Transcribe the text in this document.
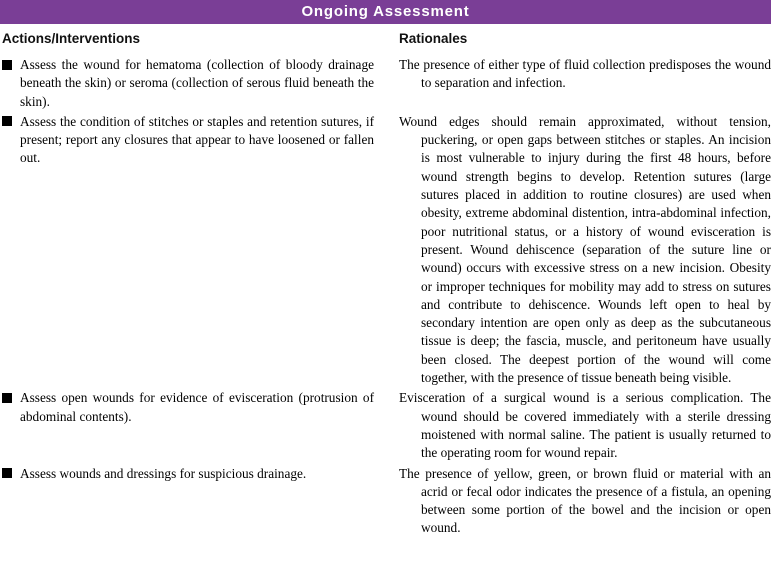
Ongoing Assessment
Actions/Interventions	Rationales
Assess the wound for hematoma (collection of bloody drainage beneath the skin) or seroma (collection of serous fluid beneath the skin).
The presence of either type of fluid collection predisposes the wound to separation and infection.
Assess the condition of stitches or staples and retention sutures, if present; report any closures that appear to have loosened or fallen out.
Wound edges should remain approximated, without tension, puckering, or open gaps between stitches or staples. An incision is most vulnerable to injury during the first 48 hours, before wound strength begins to develop. Retention sutures (large sutures placed in addition to routine closures) are used when obesity, extreme abdominal distention, intra-abdominal infection, poor nutritional status, or a history of wound evisceration is present. Wound dehiscence (separation of the suture line or wound) occurs with excessive stress on a new incision. Obesity or improper techniques for mobility may add to stress on sutures and contribute to dehiscence. Wounds left open to heal by secondary intention are open only as deep as the subcutaneous tissue is deep; the fascia, muscle, and peritoneum have usually been closed. The deepest portion of the wound will come together, with the presence of tissue beneath being visible.
Assess open wounds for evidence of evisceration (protrusion of abdominal contents).
Evisceration of a surgical wound is a serious complication. The wound should be covered immediately with a sterile dressing moistened with normal saline. The patient is usually returned to the operating room for wound repair.
Assess wounds and dressings for suspicious drainage.	The presence of yellow, green, or brown fluid or material with an acrid or fecal odor indicates the presence of a fistula, an opening between some portion of the bowel and the incision or open wound.
